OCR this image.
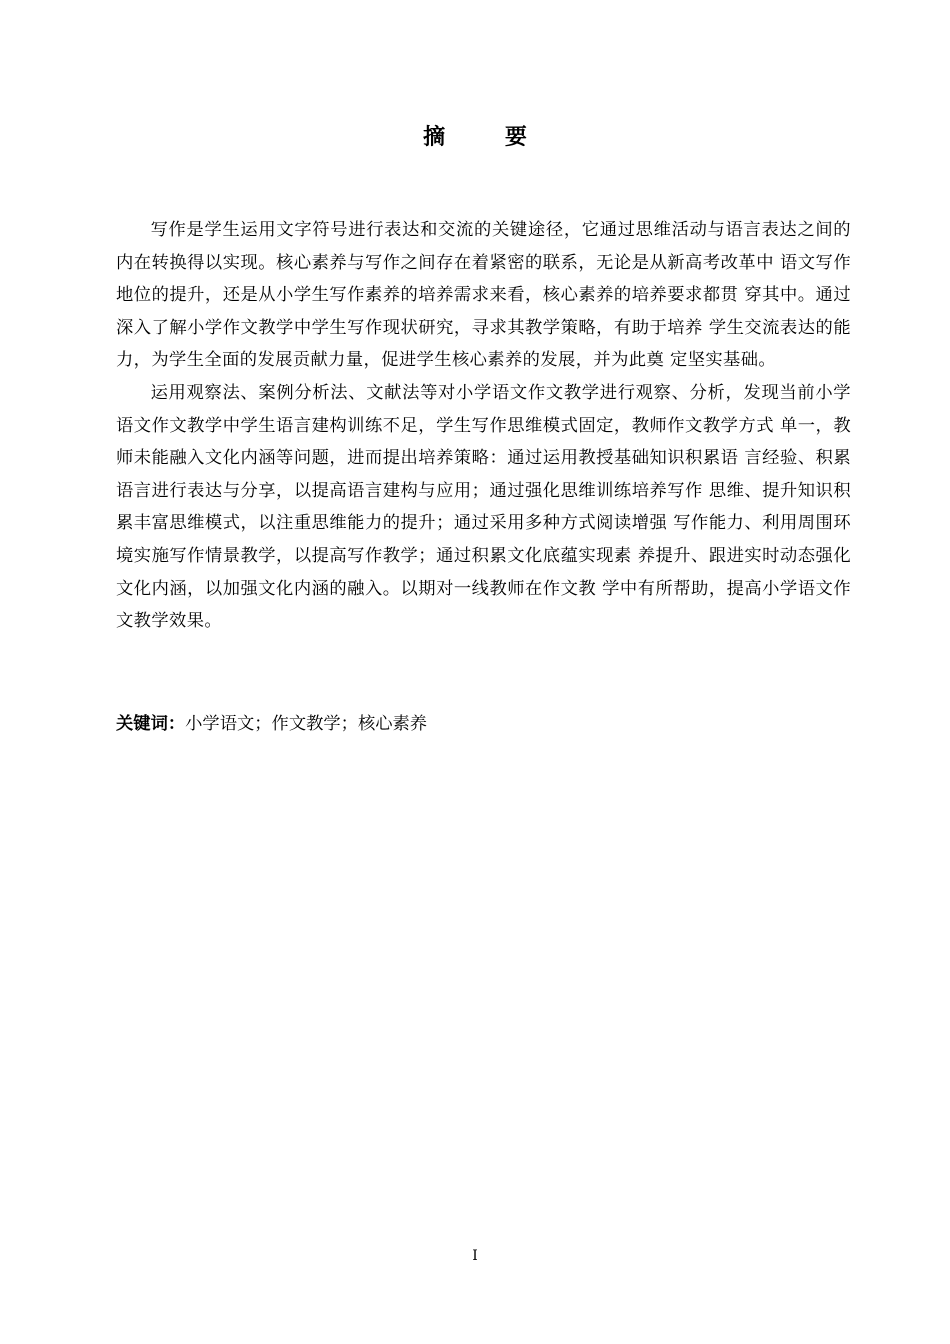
摘 要

写作是学生运用文字符号进行表达和交流的关键途径，它通过思维活动与语言表达之间的内在转换得以实现。核心素养与写作之间存在着紧密的联系，无论是从新高考改革中 语文写作地位的提升，还是从小学生写作素养的培养需求来看，核心素养的培养要求都贯 穿其中。通过深入了解小学作文教学中学生写作现状研究，寻求其教学策略，有助于培养 学生交流表达的能力，为学生全面的发展贡献力量，促进学生核心素养的发展，并为此奠 定坚实基础。

运用观察法、案例分析法、文献法等对小学语文作文教学进行观察、分析，发现当前小学语文作文教学中学生语言建构训练不足，学生写作思维模式固定，教师作文教学方式 单一，教师未能融入文化内涵等问题，进而提出培养策略：通过运用教授基础知识积累语 言经验、积累语言进行表达与分享，以提高语言建构与应用；通过强化思维训练培养写作 思维、提升知识积累丰富思维模式，以注重思维能力的提升；通过采用多种方式阅读增强 写作能力、利用周围环境实施写作情景教学，以提高写作教学；通过积累文化底蕴实现素 养提升、跟进实时动态强化文化内涵，以加强文化内涵的融入。以期对一线教师在作文教 学中有所帮助，提高小学语文作文教学效果。

关键词：小学语文；作文教学；核心素养
I
